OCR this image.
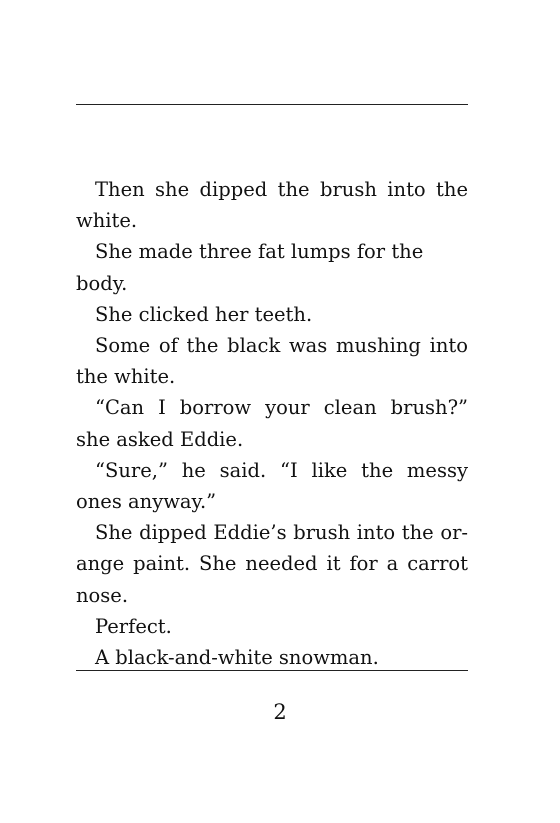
Then she dipped the brush into the white.

She made three fat lumps for the body.

She clicked her teeth.

Some of the black was mushing into the white.

“Can I borrow your clean brush?” she asked Eddie.

“Sure,” he said. “I like the messy ones anyway.”

She dipped Eddie’s brush into the or-ange paint. She needed it for a carrot nose.

Perfect.

A black-and-white snowman.

2
